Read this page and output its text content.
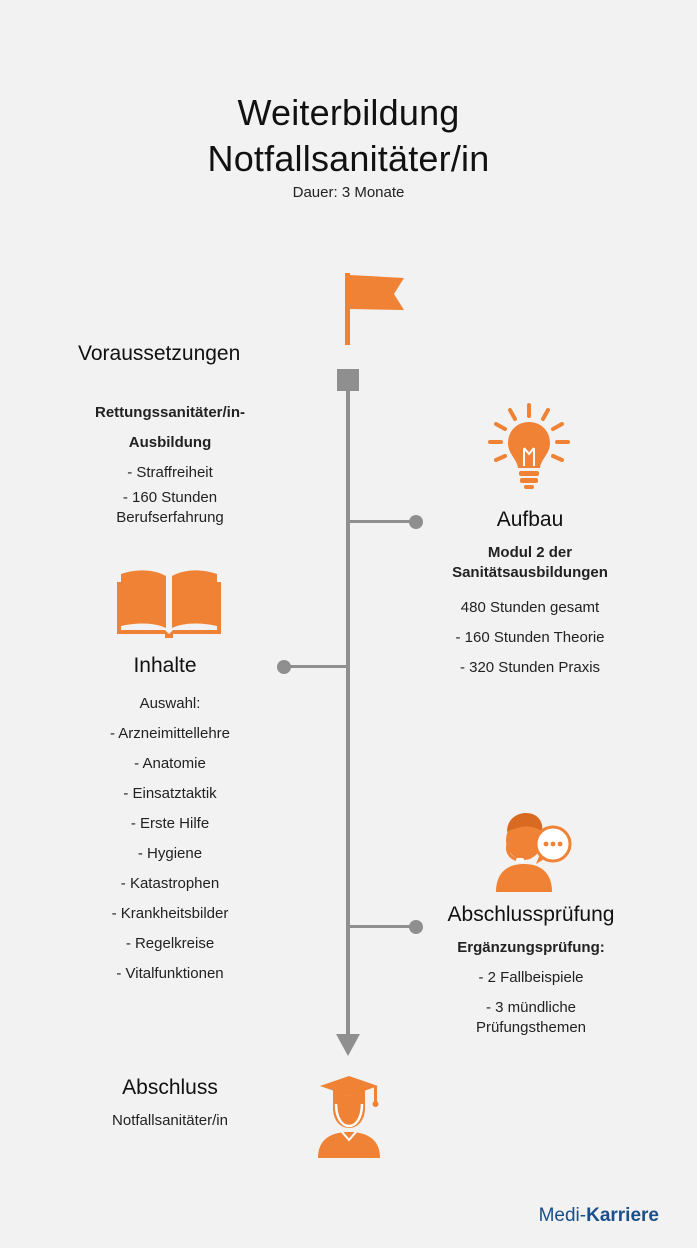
Weiterbildung
Notfallsanitäter/in
Dauer: 3 Monate
Voraussetzungen
Rettungssanitäter/in-
Ausbildung
- Straffreiheit
- 160 Stunden
Berufserfahrung	Aufbau
Modul 2 der
Sanitätsausbildungen
480 Stunden gesamt
- 160 Stunden Theorie
- 320 Stunden Praxis
Inhalte
Auswahl:
- Arzneimittellehre
- Anatomie
- Einsatztaktik
- Erste Hilfe
- Hygiene
- Katastrophen
- Krankheitsbilder
- Regelkreise
- Vitalfunktionen
Abschlussprüfung
Ergänzungsprüfung:
- 2 Fallbeispiele
- 3 mündliche
Prüfungsthemen
Abschluss
Notfallsanitäter/in
Medi-Karriere
